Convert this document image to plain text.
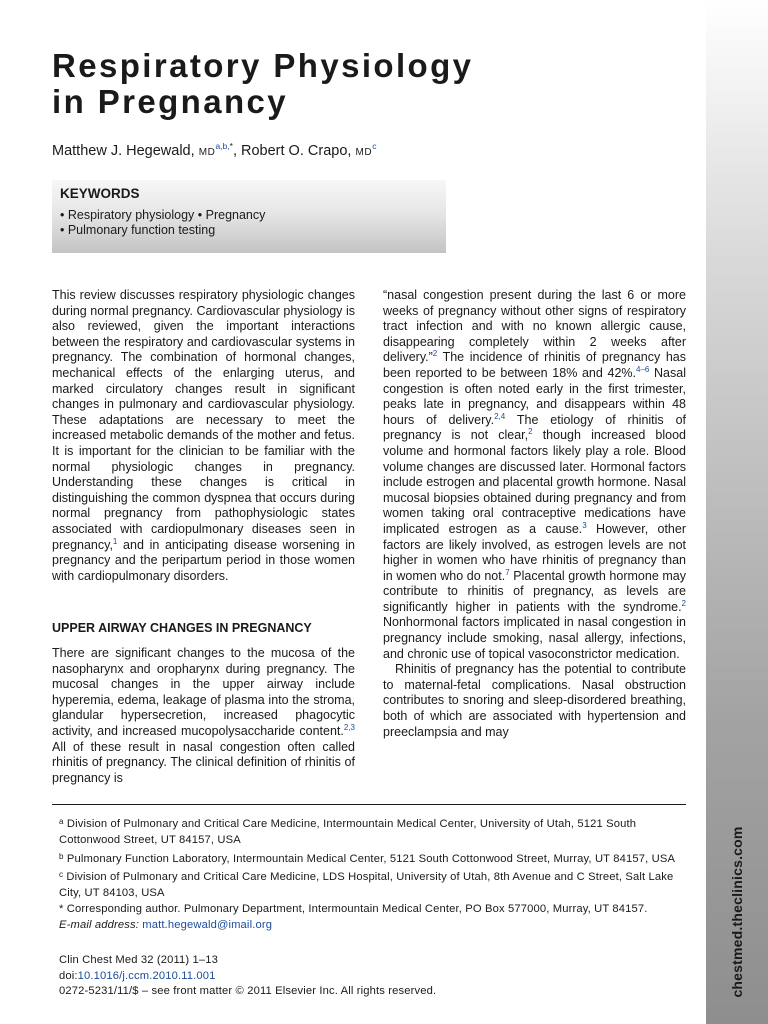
chestmed.theclinics.com
Respiratory Physiology
in Pregnancy
Matthew J. Hegewald, $MD^{a,b,*}$, Robert O. Crapo, $MD^c$
KEYWORDS
• Respiratory physiology • Pregnancy
• Pulmonary function testing

This review discusses respiratory physiologic changes during normal pregnancy. Cardiovascular physiology is also reviewed, given the important interactions between the respiratory and cardiovascular systems in pregnancy. The combination of hormonal changes, mechanical effects of the enlarging uterus, and marked circulatory changes result in significant changes in pulmonary and cardiovascular physiology. These adaptations are necessary to meet the increased metabolic demands of the mother and fetus. It is important for the clinician to be familiar with the normal physiologic changes in pregnancy. Understanding these changes is critical in distinguishing the common dyspnea that occurs during normal pregnancy from pathophysiologic states associated with cardiopulmonary diseases seen in pregnancy,$^1$ and in anticipating disease worsening in pregnancy and the peripartum period in those women with cardiopulmonary disorders.

UPPER AIRWAY CHANGES IN PREGNANCY

There are significant changes to the mucosa of the nasopharynx and oropharynx during pregnancy. The mucosal changes in the upper airway include hyperemia, edema, leakage of plasma into the stroma, glandular hypersecretion, increased phagocytic activity, and increased mucopolysaccharide content.$^{2,3}$ All of these result in nasal congestion often called rhinitis of pregnancy. The clinical definition of rhinitis of pregnancy is

“nasal congestion present during the last 6 or more weeks of pregnancy without other signs of respiratory tract infection and with no known allergic cause, disappearing completely within 2 weeks after delivery.”$^2$ The incidence of rhinitis of pregnancy has been reported to be between 18% and 42%.$^{4-6}$ Nasal congestion is often noted early in the first trimester, peaks late in pregnancy, and disappears within 48 hours of delivery.$^{2,4}$ The etiology of rhinitis of pregnancy is not clear,$^2$ though increased blood volume and hormonal factors likely play a role. Blood volume changes are discussed later. Hormonal factors include estrogen and placental growth hormone. Nasal mucosal biopsies obtained during pregnancy and from women taking oral contraceptive medications have implicated estrogen as a cause.$^3$ However, other factors are likely involved, as estrogen levels are not higher in women who have rhinitis of pregnancy than in women who do not.$^7$ Placental growth hormone may contribute to rhinitis of pregnancy, as levels are significantly higher in patients with the syndrome.$^2$ Nonhormonal factors implicated in nasal congestion in pregnancy include smoking, nasal allergy, infections, and chronic use of topical vasoconstrictor medication.

Rhinitis of pregnancy has the potential to contribute to maternal-fetal complications. Nasal obstruction contributes to snoring and sleep-disordered breathing, both of which are associated with hypertension and preeclampsia and may

$^a$ Division of Pulmonary and Critical Care Medicine, Intermountain Medical Center, University of Utah, 5121 South Cottonwood Street, UT 84157, USA

$^b$ Pulmonary Function Laboratory, Intermountain Medical Center, 5121 South Cottonwood Street, Murray, UT 84157, USA

$^c$ Division of Pulmonary and Critical Care Medicine, LDS Hospital, University of Utah, 8th Avenue and C Street, Salt Lake City, UT 84103, USA

* Corresponding author. Pulmonary Department, Intermountain Medical Center, PO Box 577000, Murray, UT 84157.

E-mail address: matt.hegewald@imail.org

Clin Chest Med 32 (2011) 1–13

doi:10.1016/j.ccm.2010.11.001

0272-5231/11/$ – see front matter © 2011 Elsevier Inc. All rights reserved.
